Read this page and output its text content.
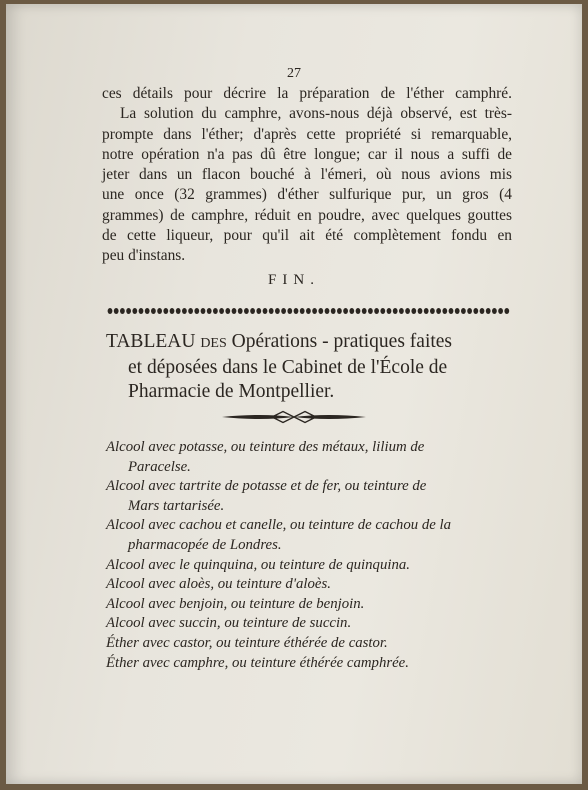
27
ces détails pour décrire la préparation de l'éther camphré.
La solution du camphre, avons-nous déjà observé, est très-
prompte dans l'éther; d'après cette propriété si remarquable,
notre opération n'a pas dû être longue; car il nous a suffi de
jeter dans un flacon bouché à l'émeri, où nous avions mis
une once (32 grammes) d'éther sulfurique pur, un gros (4
grammes) de camphre, réduit en poudre, avec quelques gouttes
de cette liqueur, pour qu'il ait été complètement fondu en
peu d'instans.
FIN.
TABLEAU DES Opérations - pratiques faites
et déposées dans le Cabinet de l'École de
Pharmacie de Montpellier.
Alcool avec potasse, ou teinture des métaux, lilium de
Paracelse.
Alcool avec tartrite de potasse et de fer, ou teinture de
Mars tartarisée.
Alcool avec cachou et canelle, ou teinture de cachou de la
pharmacopée de Londres.
Alcool avec le quinquina, ou teinture de quinquina.
Alcool avec aloès, ou teinture d'aloès.
Alcool avec benjoin, ou teinture de benjoin.
Alcool avec succin, ou teinture de succin.
Éther avec castor, ou teinture éthérée de castor.
Éther avec camphre, ou teinture éthérée camphrée.
